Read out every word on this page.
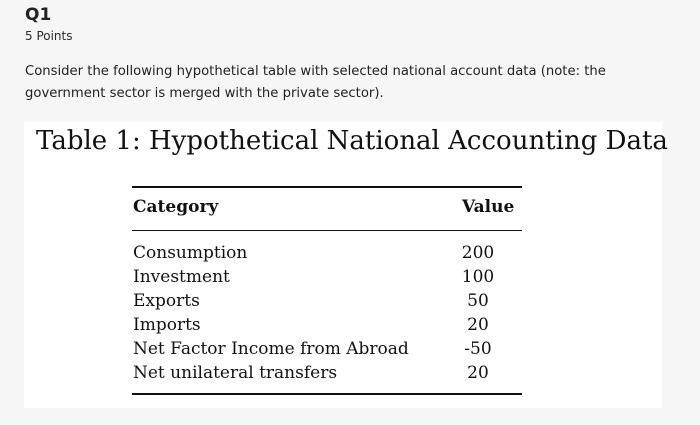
Q1
5 Points
Consider the following hypothetical table with selected national account data (note: the government sector is merged with the private sector).
Table 1: Hypothetical National Accounting Data
Category	Value
Consumption	200
Investment	100
Exports	50
Imports	20
Net Factor Income from Abroad	-50
Net unilateral transfers	20
